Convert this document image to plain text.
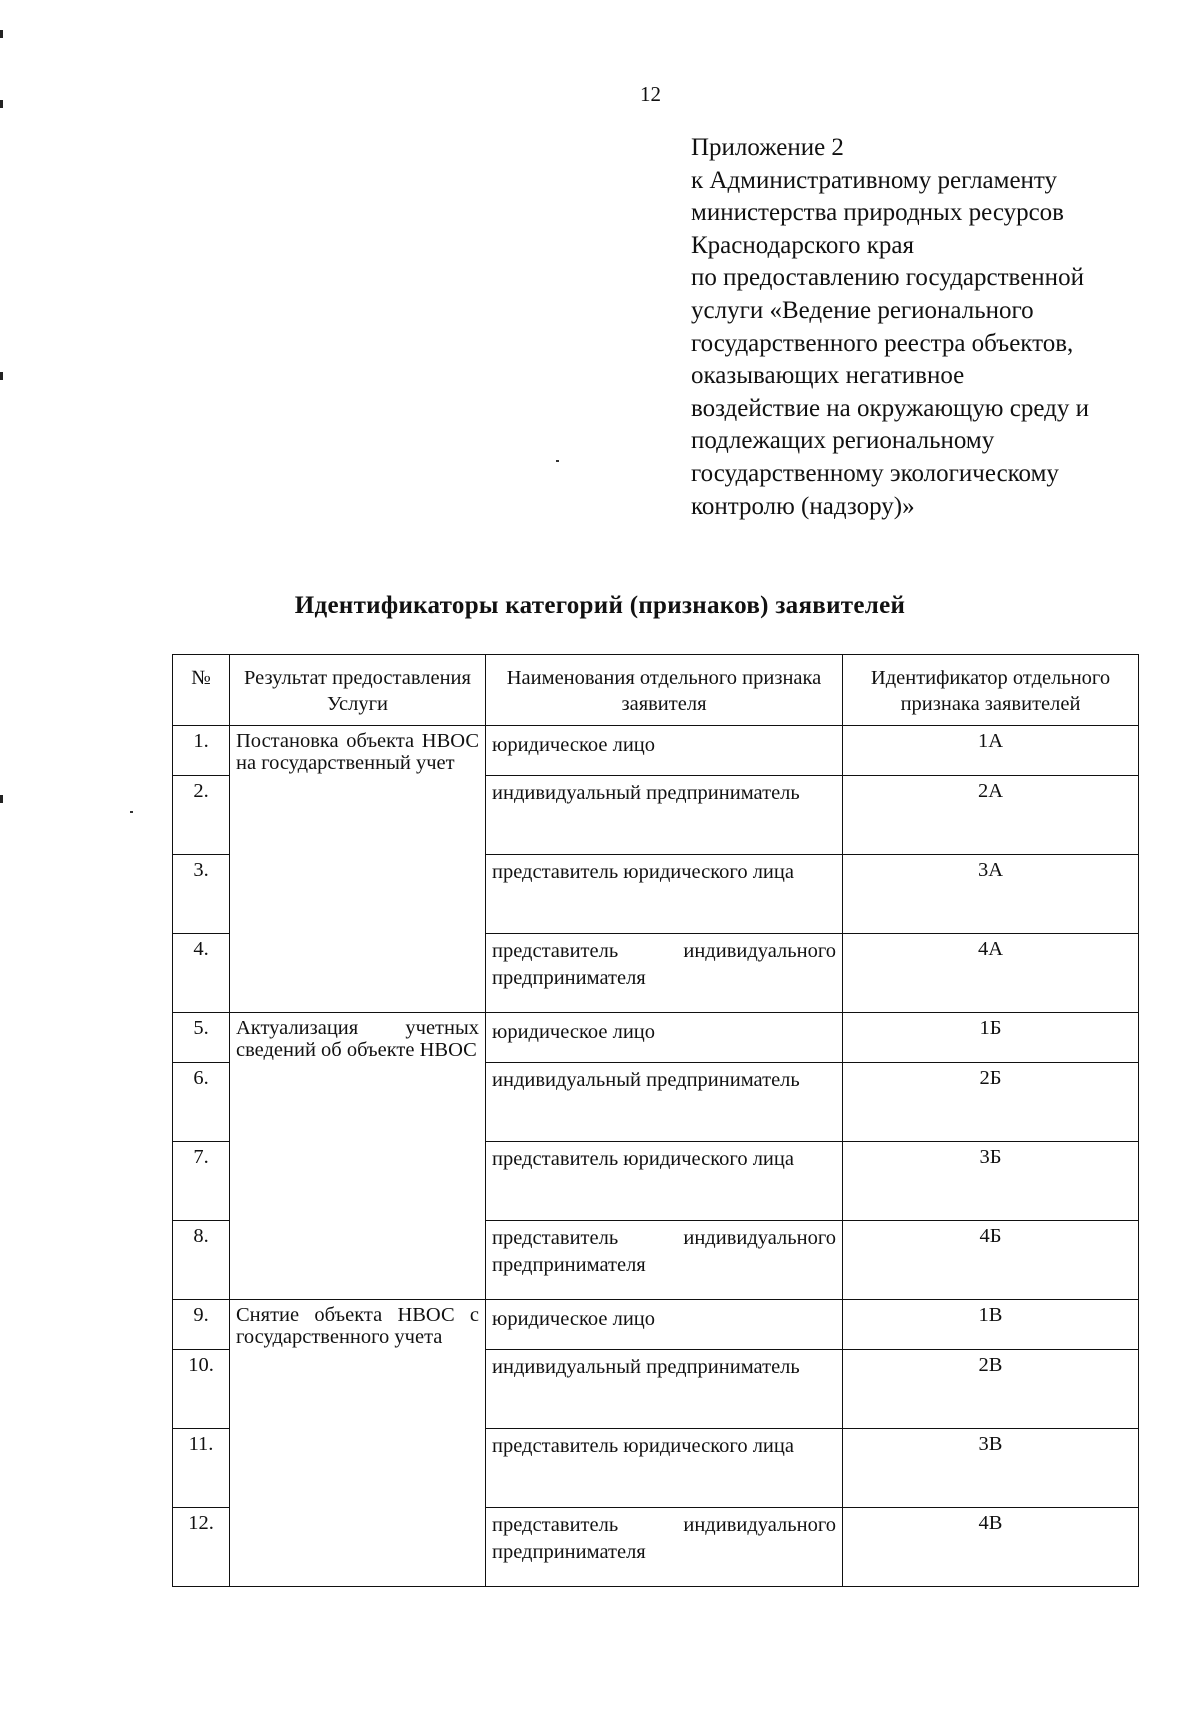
12
Приложение 2
к Административному регламенту
министерства природных ресурсов
Краснодарского края
по предоставлению государственной
услуги «Ведение регионального
государственного реестра объектов,
оказывающих негативное
воздействие на окружающую среду и
подлежащих региональному
государственному экологическому
контролю (надзору)»
Идентификаторы категорий (признаков) заявителей
№	Результат предоставления Услуги	Наименования отдельного признака заявителя	Идентификатор отдельного признака заявителей
1.	Постановка объекта НВОС на государственный учет	юридическое лицо	1А
2.		индивидуальный предприниматель	2А
3.		представитель юридического лица	3А
4.		представитель индивидуального предпринимателя	4А
5.	Актуализация учетных сведений об объекте НВОС	юридическое лицо	1Б
6.		индивидуальный предприниматель	2Б
7.		представитель юридического лица	3Б
8.		представитель индивидуального предпринимателя	4Б
9.	Снятие объекта НВОС с государственного учета	юридическое лицо	1В
10.		индивидуальный предприниматель	2В
11.		представитель юридического лица	3В
12.		представитель индивидуального предпринимателя	4В
